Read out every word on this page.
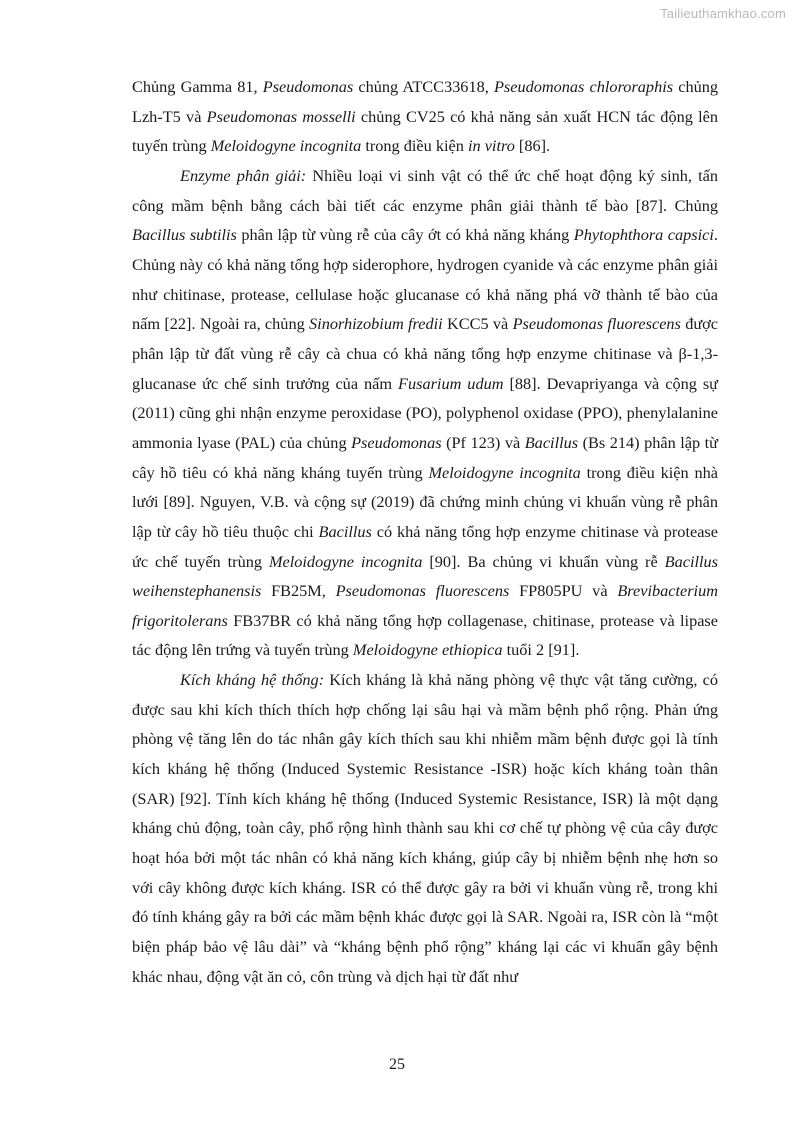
Tailieuthamkhao.com

Chủng Gamma 81, Pseudomonas chủng ATCC33618, Pseudomonas chlororaphis chủng Lzh-T5 và Pseudomonas mosselli chủng CV25 có khả năng sản xuất HCN tác động lên tuyến trùng Meloidogyne incognita trong điều kiện in vitro [86].

Enzyme phân giải: Nhiều loại vi sinh vật có thể ức chế hoạt động ký sinh, tấn công mầm bệnh bằng cách bài tiết các enzyme phân giải thành tế bào [87]. Chủng Bacillus subtilis phân lập từ vùng rễ của cây ớt có khả năng kháng Phytophthora capsici. Chủng này có khả năng tổng hợp siderophore, hydrogen cyanide và các enzyme phân giải như chitinase, protease, cellulase hoặc glucanase có khả năng phá vỡ thành tế bào của nấm [22]. Ngoài ra, chủng Sinorhizobium fredii KCC5 và Pseudomonas fluorescens được phân lập từ đất vùng rễ cây cà chua có khả năng tổng hợp enzyme chitinase và β-1,3-glucanase ức chế sinh trưởng của nấm Fusarium udum [88]. Devapriyanga và cộng sự (2011) cũng ghi nhận enzyme peroxidase (PO), polyphenol oxidase (PPO), phenylalanine ammonia lyase (PAL) của chủng Pseudomonas (Pf 123) và Bacillus (Bs 214) phân lập từ cây hồ tiêu có khả năng kháng tuyến trùng Meloidogyne incognita trong điều kiện nhà lưới [89]. Nguyen, V.B. và cộng sự (2019) đã chứng minh chủng vi khuẩn vùng rễ phân lập từ cây hồ tiêu thuộc chi Bacillus có khả năng tổng hợp enzyme chitinase và protease ức chế tuyến trùng Meloidogyne incognita [90]. Ba chủng vi khuẩn vùng rễ Bacillus weihenstephanensis FB25M, Pseudomonas fluorescens FP805PU và Brevibacterium frigoritolerans FB37BR có khả năng tổng hợp collagenase, chitinase, protease và lipase tác động lên trứng và tuyến trùng Meloidogyne ethiopica tuổi 2 [91].

Kích kháng hệ thống: Kích kháng là khả năng phòng vệ thực vật tăng cường, có được sau khi kích thích thích hợp chống lại sâu hại và mầm bệnh phổ rộng. Phản ứng phòng vệ tăng lên do tác nhân gây kích thích sau khi nhiễm mầm bệnh được gọi là tính kích kháng hệ thống (Induced Systemic Resistance -ISR) hoặc kích kháng toàn thân (SAR) [92]. Tính kích kháng hệ thống (Induced Systemic Resistance, ISR) là một dạng kháng chủ động, toàn cây, phổ rộng hình thành sau khi cơ chế tự phòng vệ của cây được hoạt hóa bởi một tác nhân có khả năng kích kháng, giúp cây bị nhiễm bệnh nhẹ hơn so với cây không được kích kháng. ISR có thể được gây ra bởi vi khuẩn vùng rễ, trong khi đó tính kháng gây ra bởi các mầm bệnh khác được gọi là SAR. Ngoài ra, ISR còn là “một biện pháp bảo vệ lâu dài” và “kháng bệnh phổ rộng” kháng lại các vi khuẩn gây bệnh khác nhau, động vật ăn cỏ, côn trùng và dịch hại từ đất như

25
